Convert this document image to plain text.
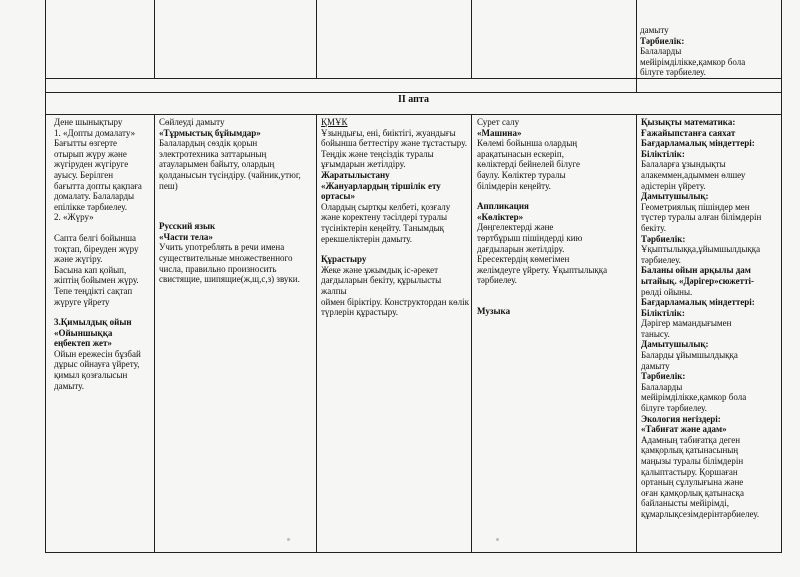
дамыту

Тәрбиелік:

Балаларды

мейірімділікке,қамкор бола

білуге тәрбиелеу.

II апта

Дене шынықтыру

1. «Допты домалату»

Бағытты өзгерте

отырып жүру және

жүгіруден жүгіруге

ауысу. Берілген

бағытта допты қақпаға

домалату. Балаларды

епілікке тәрбиелеу.

2. «Жүру»

Сапта белгі бойынша

тоқтап, біреуден жүру

және жүгіру.

Басына кап қойып,

жіптің бойымен жүру.

Тепе теңдікті сақтап

жүруге үйрету

3.Қимылдық ойын

«Ойыншыққа

еңбектеп жет»

Ойын ережесін бұзбай

дұрыс ойнауға үйрету,

қимыл қозғалысын

дамыту.

Сөйлеуді дамыту

«Тұрмыстық бұйымдар»

Балалардың сөздік қорын

электротехника заттарының

атауларымен байыту, олардың

қолданысын түсіндіру. (чайник,утюг,

пеш)

Русский язык

«Части тела»

Учить употреблять в речи имена

существительные множественного

числа, правильно произносить

свистящие, шипящие(ж,щ,с,з) звуки.

ҚМҰК

Ұзындығы, ені, биіктігі, жуандығы

бойынша беттестіру және тұстастыру.

Теңдік және теңсіздік туралы

ұғымдарын жетілдіру.

Жаратылыстану

«Жануарлардың тіршілік ету

ортасы»

Олардың сыртқы келбеті, қозғалу

және коректену тәсілдері туралы

түсініктерін кеңейту. Танымдық

ерекшеліктерін дамыту.

Құрастыру

Жеке және ұжымдық іс-әрекет

дағдыларын бекіту, құрылысты жалпы

оймен біріктіру. Конструктордан көлік

түрлерін құрастыру.

Сурет салу

«Машина»

Көлемі бойынша олардың

арақатынасын ескеріп,

көліктерді бейнелей білуге

баулу. Көліктер туралы

білімдерін кеңейту.

Аппликация

«Көліктер»

Дөңгелектерді және

төртбұрыш пішіндерді кию

дағдыларын жетілдіру.

Ересектердің көмегімен

желімдеуге үйрету. Ұқыптылыққа тәрбиелеу.

Музыка

Қызықты математика:

Ғажайыпстанға саяхат

Бағдарламалық міндеттері:

Біліктілік:

Балаларға ұзындықты

алакеммен,адыммен өлшеу

әдістерін үйрету.

Дамытушылық:

Геометриялық пішіндер мен

түстер туралы алған білімдерін бекіту.

Тәрбиелік:

Ұқыптылыққа,ұйымшылдыққа

тәрбиелеу.

Баланы ойын арқылы дам

ытайық. «Дәрігер»сюжетті-

рөлді ойыны.

Бағдарламалық міндеттері:

Біліктілік:

Дәрігер мамандығымен

таныcу.

Дамытушылық:

Баларды ұйымшылдыққа

дамыту

Тәрбиелік:

Балаларды

мейірімділікке,қамкор бола

білуге тәрбиелеу.

Экология негіздері:

«Табиғат және адам»

Адамның табиғатқа деген

қамқорлық қатынасының

маңызы туралы білімдерін

қалыптастыру. Қоршаған

ортаның сұлулығына және

оған қамқорлық қатынасқа

байланысты мейірімді,

құмарлықсезімдерінтәрбиелеу.
